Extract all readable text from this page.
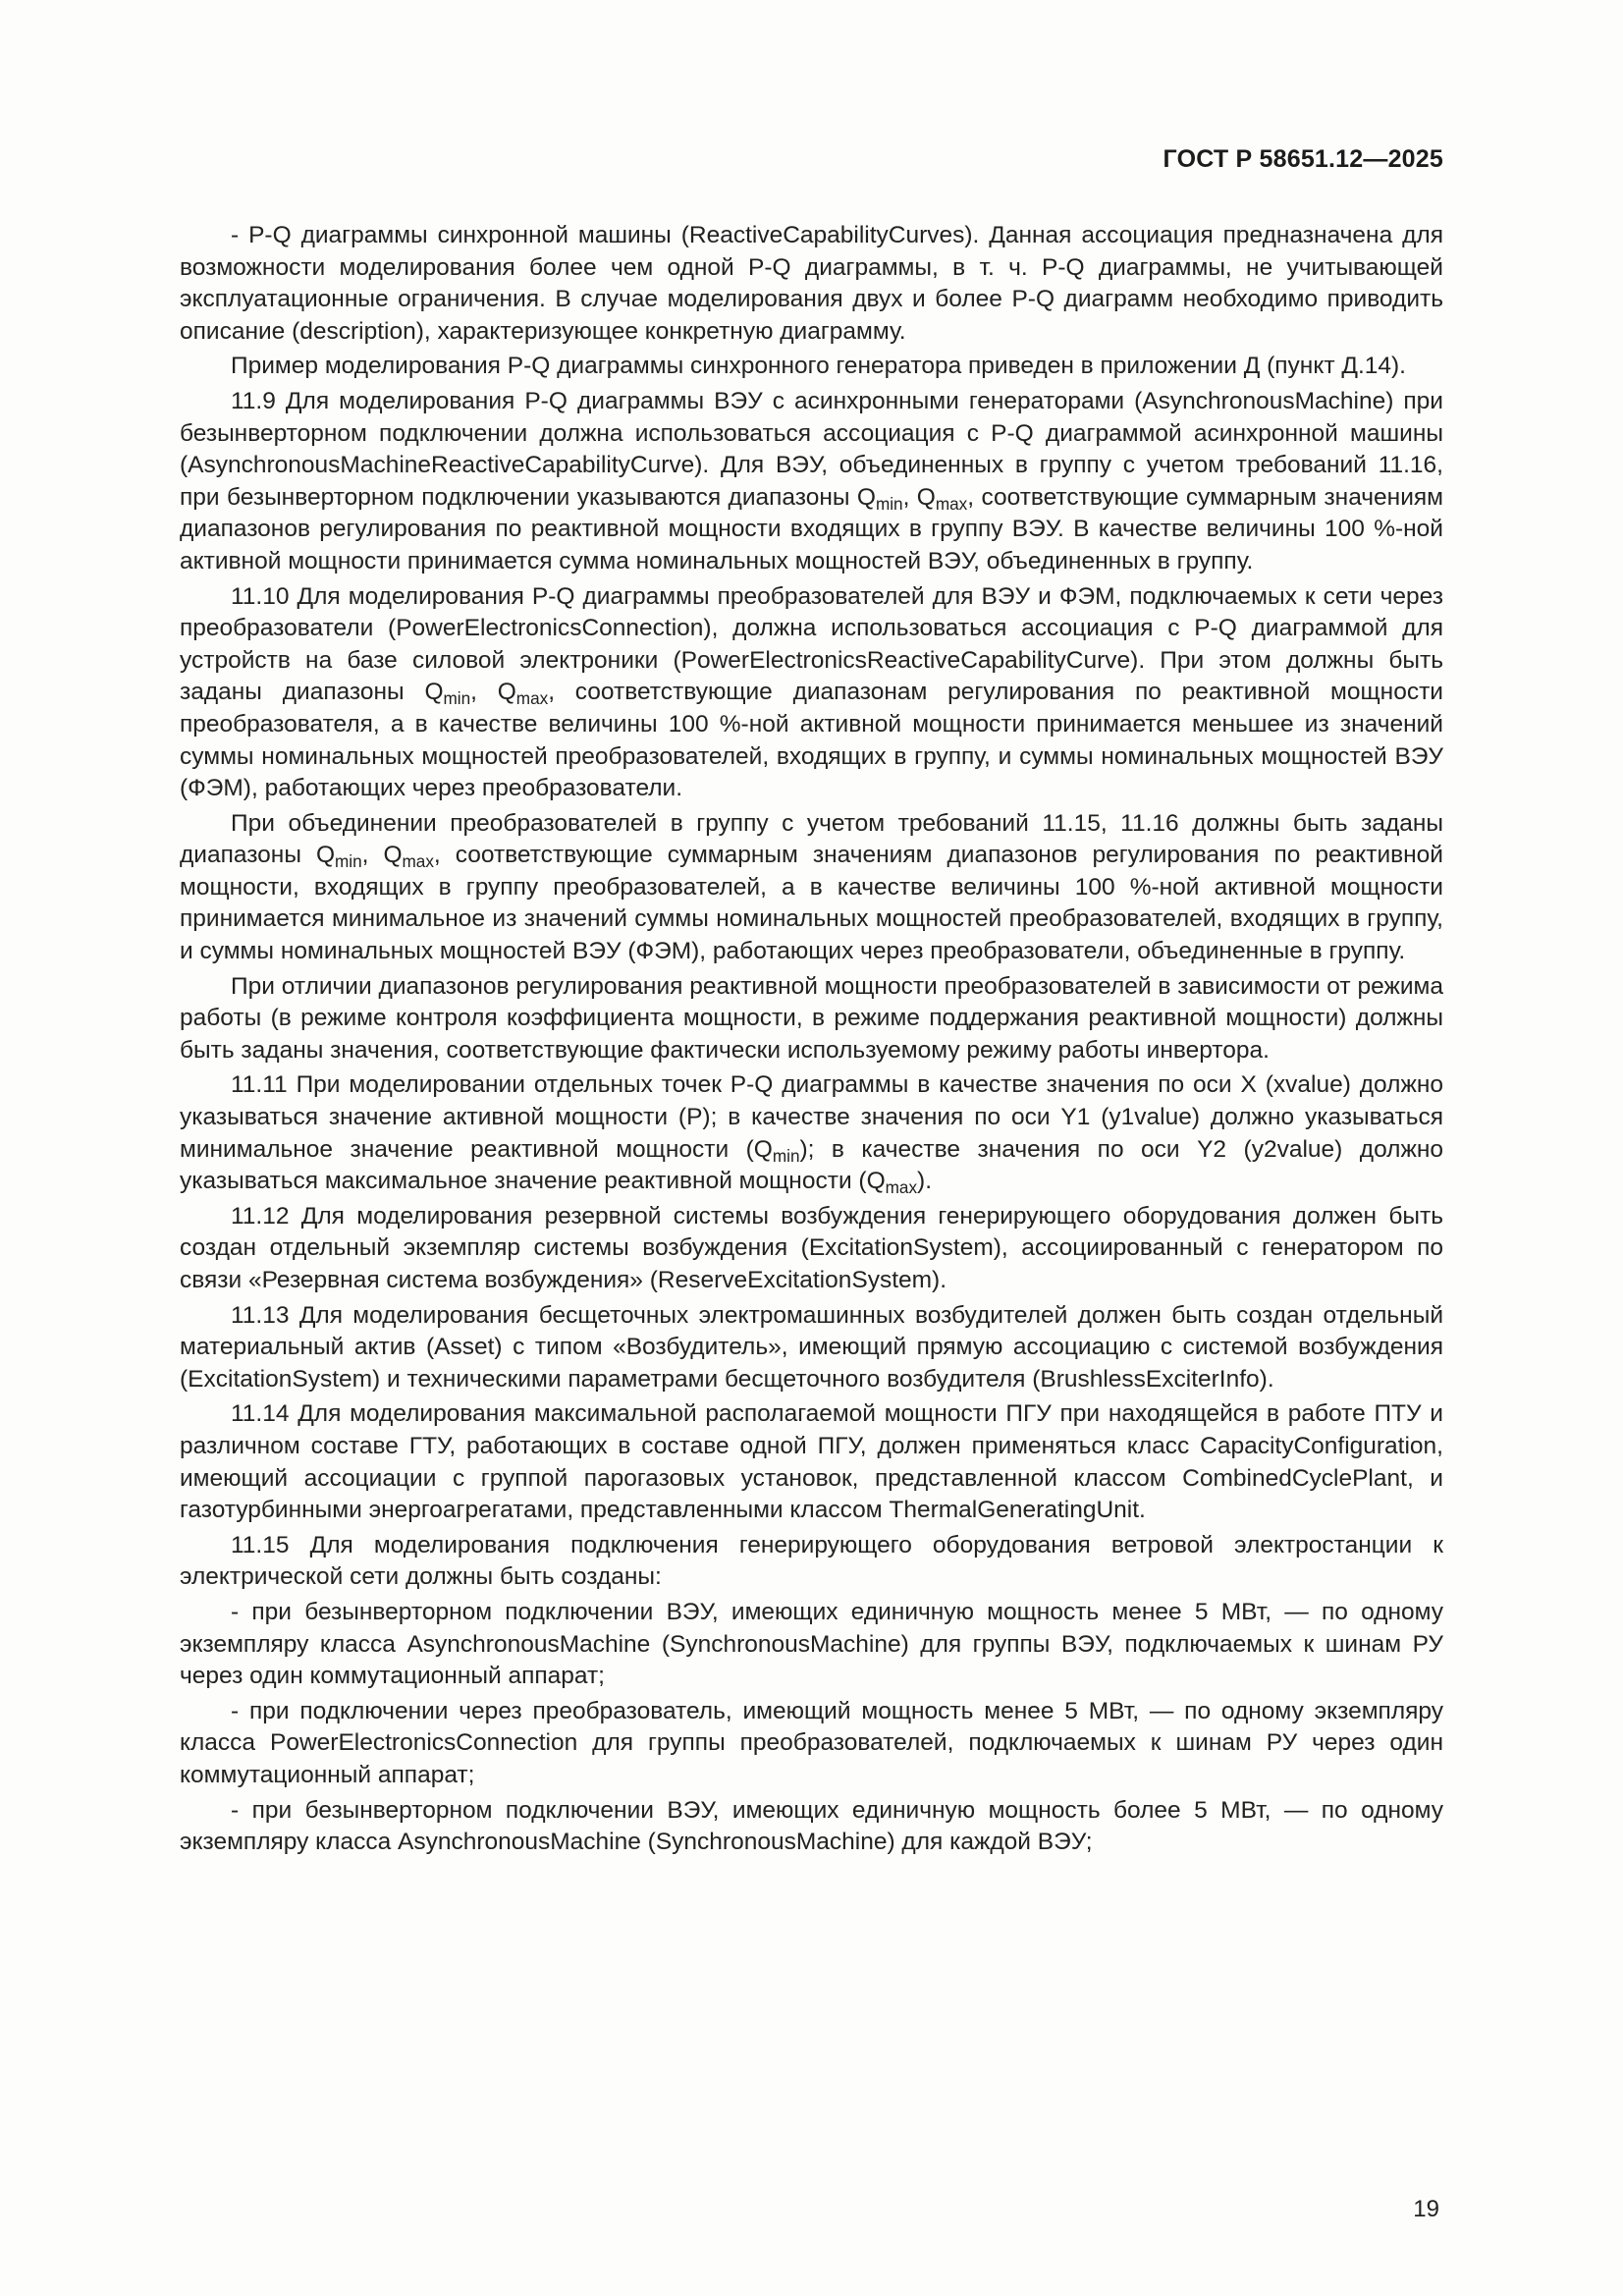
ГОСТ Р 58651.12—2025

- P-Q диаграммы синхронной машины (ReactiveCapabilityCurves). Данная ассоциация предназначена для возможности моделирования более чем одной P-Q диаграммы, в т. ч. P-Q диаграммы, не учитывающей эксплуатационные ограничения. В случае моделирования двух и более P-Q диаграмм необходимо приводить описание (description), характеризующее конкретную диаграмму.

Пример моделирования P-Q диаграммы синхронного генератора приведен в приложении Д (пункт Д.14).

11.9 Для моделирования P-Q диаграммы ВЭУ с асинхронными генераторами (AsynchronousMachine) при безынверторном подключении должна использоваться ассоциация с P-Q диаграммой асинхронной машины (AsynchronousMachineReactiveCapabilityCurve). Для ВЭУ, объединенных в группу с учетом требований 11.16, при безынверторном подключении указываются диапазоны $Q_{min}$, $Q_{max}$, соответствующие суммарным значениям диапазонов регулирования по реактивной мощности входящих в группу ВЭУ. В качестве величины 100 %-ной активной мощности принимается сумма номинальных мощностей ВЭУ, объединенных в группу.

11.10 Для моделирования P-Q диаграммы преобразователей для ВЭУ и ФЭМ, подключаемых к сети через преобразователи (PowerElectronicsConnection), должна использоваться ассоциация с P-Q диаграммой для устройств на базе силовой электроники (PowerElectronicsReactiveCapabilityCurve). При этом должны быть заданы диапазоны $Q_{min}$, $Q_{max}$, соответствующие диапазонам регулирования по реактивной мощности преобразователя, а в качестве величины 100 %-ной активной мощности принимается меньшее из значений суммы номинальных мощностей преобразователей, входящих в группу, и суммы номинальных мощностей ВЭУ (ФЭМ), работающих через преобразователи.

При объединении преобразователей в группу с учетом требований 11.15, 11.16 должны быть заданы диапазоны $Q_{min}$, $Q_{max}$, соответствующие суммарным значениям диапазонов регулирования по реактивной мощности, входящих в группу преобразователей, а в качестве величины 100 %-ной активной мощности принимается минимальное из значений суммы номинальных мощностей преобразователей, входящих в группу, и суммы номинальных мощностей ВЭУ (ФЭМ), работающих через преобразователи, объединенные в группу.

При отличии диапазонов регулирования реактивной мощности преобразователей в зависимости от режима работы (в режиме контроля коэффициента мощности, в режиме поддержания реактивной мощности) должны быть заданы значения, соответствующие фактически используемому режиму работы инвертора.

11.11 При моделировании отдельных точек P-Q диаграммы в качестве значения по оси X (xvalue) должно указываться значение активной мощности (P); в качестве значения по оси Y1 (y1value) должно указываться минимальное значение реактивной мощности $(Q_{min})$; в качестве значения по оси Y2 (y2value) должно указываться максимальное значение реактивной мощности $(Q_{max})$.

11.12 Для моделирования резервной системы возбуждения генерирующего оборудования должен быть создан отдельный экземпляр системы возбуждения (ExcitationSystem), ассоциированный с генератором по связи «Резервная система возбуждения» (ReserveExcitationSystem).

11.13 Для моделирования бесщеточных электромашинных возбудителей должен быть создан отдельный материальный актив (Asset) с типом «Возбудитель», имеющий прямую ассоциацию с системой возбуждения (ExcitationSystem) и техническими параметрами бесщеточного возбудителя (BrushlessExciterInfo).

11.14 Для моделирования максимальной располагаемой мощности ПГУ при находящейся в работе ПТУ и различном составе ГТУ, работающих в составе одной ПГУ, должен применяться класс CapacityConfiguration, имеющий ассоциации с группой парогазовых установок, представленной классом CombinedCyclePlant, и газотурбинными энергоагрегатами, представленными классом ThermalGeneratingUnit.

11.15 Для моделирования подключения генерирующего оборудования ветровой электростанции к электрической сети должны быть созданы:

- при безынверторном подключении ВЭУ, имеющих единичную мощность менее 5 МВт, — по одному экземпляру класса AsynchronousMachine (SynchronousMachine) для группы ВЭУ, подключаемых к шинам РУ через один коммутационный аппарат;

- при подключении через преобразователь, имеющий мощность менее 5 МВт, — по одному экземпляру класса PowerElectronicsConnection для группы преобразователей, подключаемых к шинам РУ через один коммутационный аппарат;

- при безынверторном подключении ВЭУ, имеющих единичную мощность более 5 МВт, — по одному экземпляру класса AsynchronousMachine (SynchronousMachine) для каждой ВЭУ;

19
